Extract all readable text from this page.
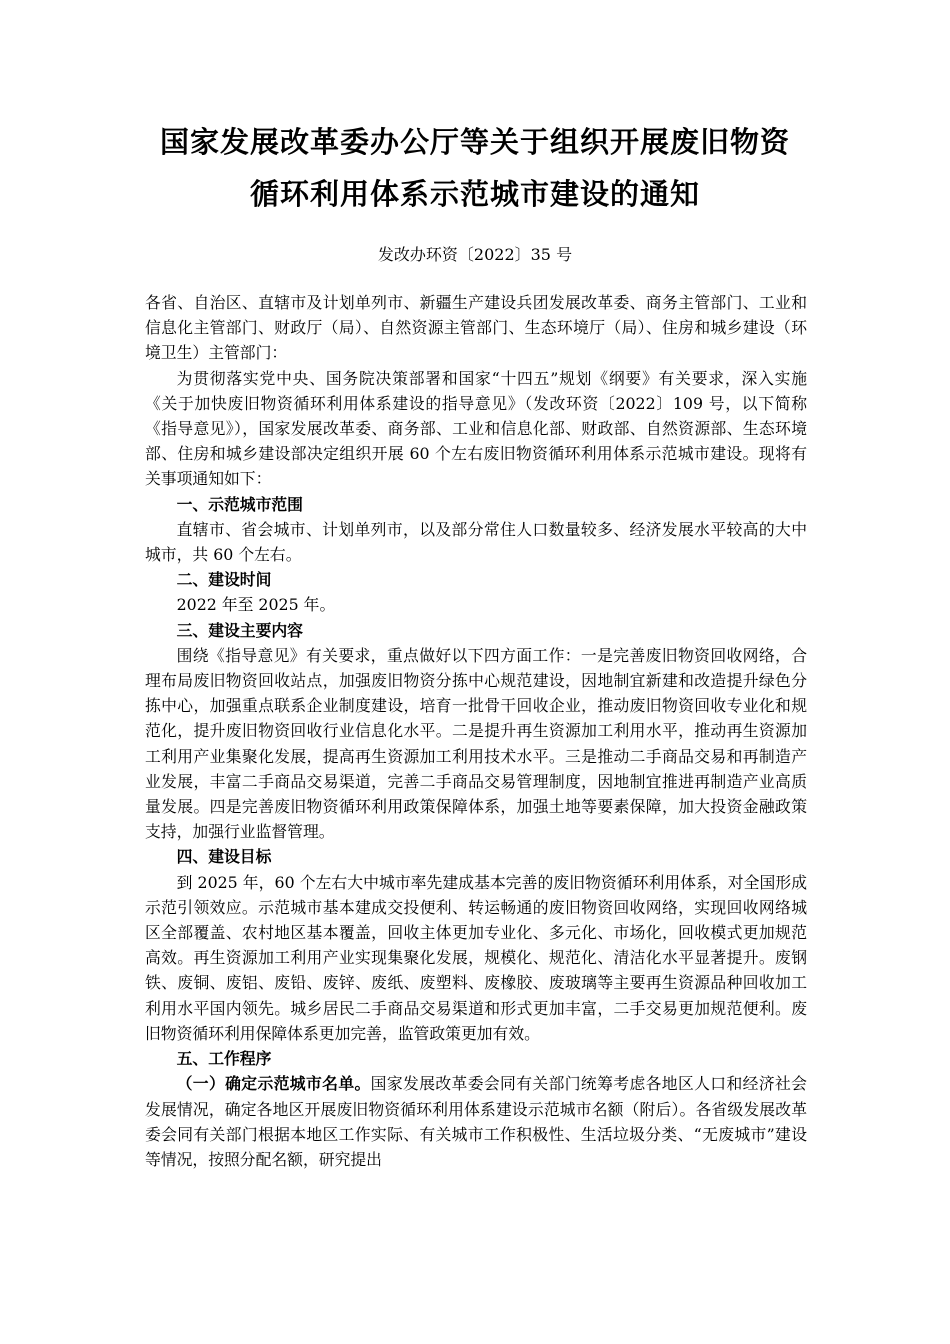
国家发展改革委办公厅等关于组织开展废旧物资
循环利用体系示范城市建设的通知
发改办环资〔2022〕35 号

各省、自治区、直辖市及计划单列市、新疆生产建设兵团发展改革委、商务主管部门、工业和信息化主管部门、财政厅（局）、自然资源主管部门、生态环境厅（局）、住房和城乡建设（环境卫生）主管部门：

为贯彻落实党中央、国务院决策部署和国家“十四五”规划《纲要》有关要求，深入实施《关于加快废旧物资循环利用体系建设的指导意见》（发改环资〔2022〕109 号，以下简称《指导意见》），国家发展改革委、商务部、工业和信息化部、财政部、自然资源部、生态环境部、住房和城乡建设部决定组织开展 60 个左右废旧物资循环利用体系示范城市建设。现将有关事项通知如下：

一、示范城市范围

直辖市、省会城市、计划单列市，以及部分常住人口数量较多、经济发展水平较高的大中城市，共 60 个左右。

二、建设时间

2022 年至 2025 年。

三、建设主要内容

围绕《指导意见》有关要求，重点做好以下四方面工作：一是完善废旧物资回收网络，合理布局废旧物资回收站点，加强废旧物资分拣中心规范建设，因地制宜新建和改造提升绿色分拣中心，加强重点联系企业制度建设，培育一批骨干回收企业，推动废旧物资回收专业化和规范化，提升废旧物资回收行业信息化水平。二是提升再生资源加工利用水平，推动再生资源加工利用产业集聚化发展，提高再生资源加工利用技术水平。三是推动二手商品交易和再制造产业发展，丰富二手商品交易渠道，完善二手商品交易管理制度，因地制宜推进再制造产业高质量发展。四是完善废旧物资循环利用政策保障体系，加强土地等要素保障，加大投资金融政策支持，加强行业监督管理。

四、建设目标

到 2025 年，60 个左右大中城市率先建成基本完善的废旧物资循环利用体系，对全国形成示范引领效应。示范城市基本建成交投便利、转运畅通的废旧物资回收网络，实现回收网络城区全部覆盖、农村地区基本覆盖，回收主体更加专业化、多元化、市场化，回收模式更加规范高效。再生资源加工利用产业实现集聚化发展，规模化、规范化、清洁化水平显著提升。废钢铁、废铜、废铝、废铅、废锌、废纸、废塑料、废橡胶、废玻璃等主要再生资源品种回收加工利用水平国内领先。城乡居民二手商品交易渠道和形式更加丰富，二手交易更加规范便利。废旧物资循环利用保障体系更加完善，监管政策更加有效。

五、工作程序

（一）确定示范城市名单。国家发展改革委会同有关部门统筹考虑各地区人口和经济社会发展情况，确定各地区开展废旧物资循环利用体系建设示范城市名额（附后）。各省级发展改革委会同有关部门根据本地区工作实际、有关城市工作积极性、生活垃圾分类、“无废城市”建设等情况，按照分配名额，研究提出
